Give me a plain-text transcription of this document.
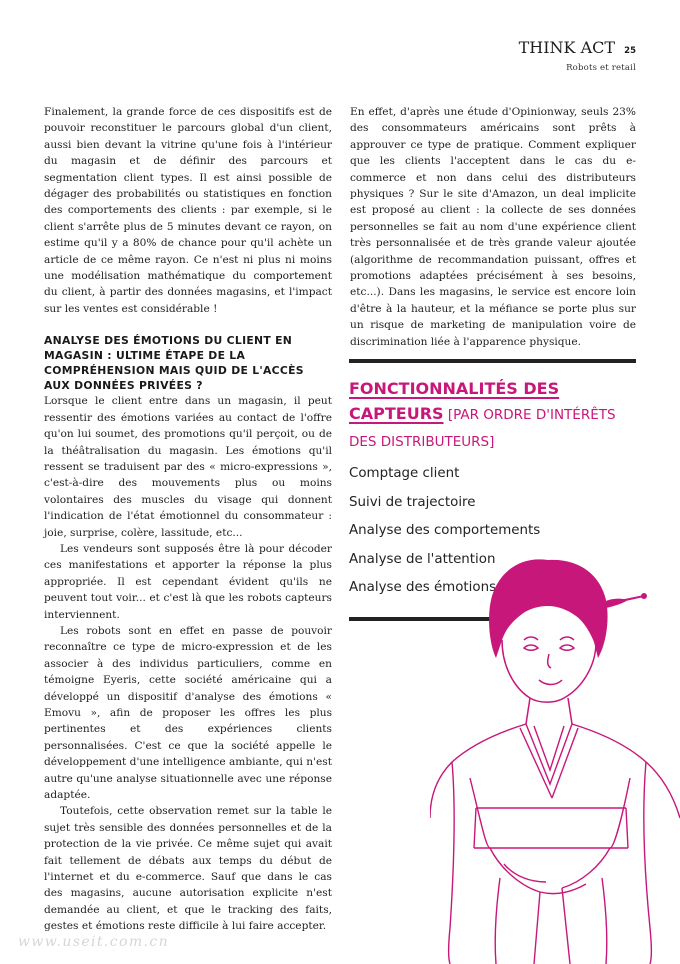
THINK ACT 25
Robots et retail

Finalement, la grande force de ces dispositifs est de pouvoir reconstituer le parcours global d'un client, aussi bien devant la vitrine qu'une fois à l'intérieur du magasin et de définir des parcours et segmentation client types. Il est ainsi possible de dégager des probabilités ou statistiques en fonction des comportements des clients : par exemple, si le client s'arrête plus de 5 minutes devant ce rayon, on estime qu'il y a 80% de chance pour qu'il achète un article de ce même rayon. Ce n'est ni plus ni moins une modélisation mathématique du comportement du client, à partir des données magasins, et l'impact sur les ventes est considérable !

ANALYSE DES ÉMOTIONS DU CLIENT EN MAGASIN : ULTIME ÉTAPE DE LA COMPRÉHENSION MAIS QUID DE L'ACCÈS AUX DONNÉES PRIVÉES ?

Lorsque le client entre dans un magasin, il peut ressentir des émotions variées au contact de l'offre qu'on lui soumet, des promotions qu'il perçoit, ou de la théâtralisation du magasin. Les émotions qu'il ressent se traduisent par des « micro-expressions », c'est-à-dire des mouvements plus ou moins volontaires des muscles du visage qui donnent l'indication de l'état émotionnel du consommateur : joie, surprise, colère, lassitude, etc...

Les vendeurs sont supposés être là pour décoder ces manifestations et apporter la réponse la plus appropriée. Il est cependant évident qu'ils ne peuvent tout voir... et c'est là que les robots capteurs interviennent.

Les robots sont en effet en passe de pouvoir reconnaître ce type de micro-expression et de les associer à des individus particuliers, comme en témoigne Eyeris, cette société américaine qui a développé un dispositif d'analyse des émotions « Emovu », afin de proposer les offres les plus pertinentes et des expériences clients personnalisées. C'est ce que la société appelle le développement d'une intelligence ambiante, qui n'est autre qu'une analyse situationnelle avec une réponse adaptée.

Toutefois, cette observation remet sur la table le sujet très sensible des données personnelles et de la protection de la vie privée. Ce même sujet qui avait fait tellement de débats aux temps du début de l'internet et du e-commerce. Sauf que dans le cas des magasins, aucune autorisation explicite n'est demandée au client, et que le tracking des faits, gestes et émotions reste difficile à lui faire accepter.

En effet, d'après une étude d'Opinionway, seuls 23% des consommateurs américains sont prêts à approuver ce type de pratique. Comment expliquer que les clients l'acceptent dans le cas du e-commerce et non dans celui des distributeurs physiques ? Sur le site d'Amazon, un deal implicite est proposé au client : la collecte de ses données personnelles se fait au nom d'une expérience client très personnalisée et de très grande valeur ajoutée (algorithme de recommandation puissant, offres et promotions adaptées précisément à ses besoins, etc...). Dans les magasins, le service est encore loin d'être à la hauteur, et la méfiance se porte plus sur un risque de marketing de manipulation voire de discrimination liée à l'apparence physique.

FONCTIONNALITÉS DES
CAPTEURS [PAR ORDRE D'INTÉRÊTS
DES DISTRIBUTEURS]
Comptage client
Suivi de trajectoire
Analyse des comportements
Analyse de l'attention
Analyse des émotions
www.useit.com.cn
